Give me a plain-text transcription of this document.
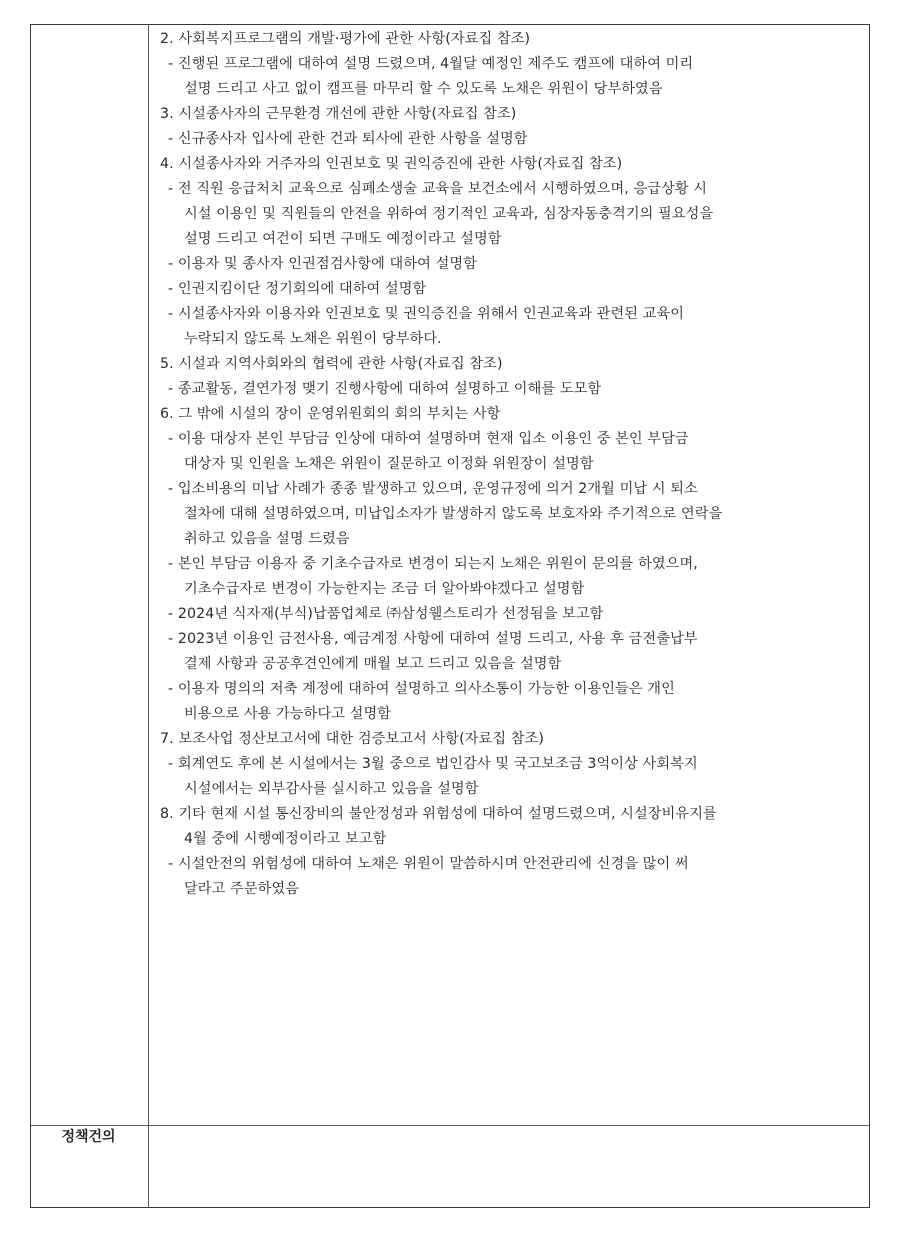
2. 사회복지프로그램의 개발·평가에 관한 사항(자료집 참조)
- 진행된 프로그램에 대하여 설명 드렸으며, 4월달 예정인 제주도 캠프에 대하여 미리
설명 드리고 사고 없이 캠프를 마무리 할 수 있도록 노채은 위원이 당부하였음
3. 시설종사자의 근무환경 개선에 관한 사항(자료집 참조)
- 신규종사자 입사에 관한 건과 퇴사에 관한 사항을 설명함
4. 시설종사자와 거주자의 인권보호 및 권익증진에 관한 사항(자료집 참조)
- 전 직원 응급처치 교육으로 심폐소생술 교육을 보건소에서 시행하였으며, 응급상황 시
시설 이용인 및 직원들의 안전을 위하여 정기적인 교육과, 심장자동충격기의 필요성을
설명 드리고 여건이 되면 구매도 예정이라고 설명함
- 이용자 및 종사자 인권점검사항에 대하여 설명함
- 인권지킴이단 정기회의에 대하여 설명함
- 시설종사자와 이용자와 인권보호 및 권익증진을 위해서 인권교육과 관련된 교육이
누락되지 않도록 노채은 위원이 당부하다.
5. 시설과 지역사회와의 협력에 관한 사항(자료집 참조)
- 종교활동, 결연가정 맺기 진행사항에 대하여 설명하고 이해를 도모함
6. 그 밖에 시설의 장이 운영위원회의 회의 부치는 사항
- 이용 대상자 본인 부담금 인상에 대하여 설명하며 현재 입소 이용인 중 본인 부담금
대상자 및 인원을 노채은 위원이 질문하고 이정화 위원장이 설명함
- 입소비용의 미납 사례가 종종 발생하고 있으며, 운영규정에 의거 2개월 미납 시 퇴소
절차에 대해 설명하였으며, 미납입소자가 발생하지 않도록 보호자와 주기적으로 연락을
취하고 있음을 설명 드렸음
- 본인 부담금 이용자 중 기초수급자로 변경이 되는지 노채은 위원이 문의를 하였으며,
기초수급자로 변경이 가능한지는 조금 더 알아봐야겠다고 설명함
- 2024년 식자재(부식)납품업체로 ㈜삼성웰스토리가 선정됨을 보고함
- 2023년 이용인 금전사용, 예금계정 사항에 대하여 설명 드리고, 사용 후 금전출납부
결제 사항과 공공후견인에게 매월 보고 드리고 있음을 설명함
- 이용자 명의의 저축 계정에 대하여 설명하고 의사소통이 가능한 이용인들은 개인
비용으로 사용 가능하다고 설명함
7. 보조사업 정산보고서에 대한 검증보고서 사항(자료집 참조)
- 회계연도 후에 본 시설에서는 3월 중으로 법인감사 및 국고보조금 3억이상 사회복지
시설에서는 외부감사를 실시하고 있음을 설명함
8. 기타 현재 시설 통신장비의 불안정성과 위험성에 대하여 설명드렸으며, 시설장비유지를
4월 중에 시행예정이라고 보고함
- 시설안전의 위험성에 대하여 노채은 위원이 말씀하시며 안전관리에 신경을 많이 써
달라고 주문하였음
정책건의
